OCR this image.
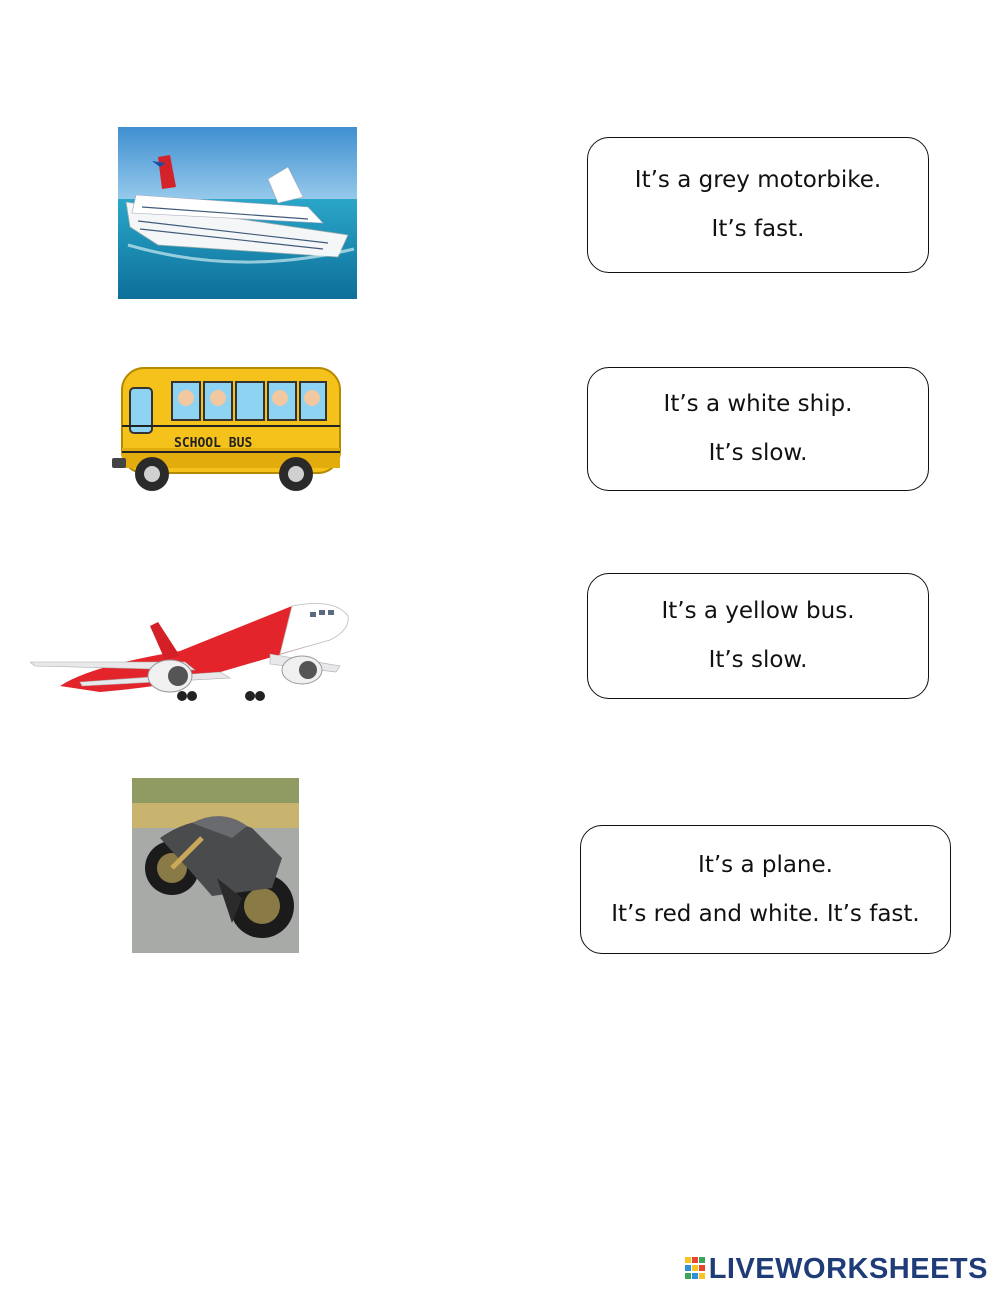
SCHOOL BUS
It’s a grey motorbike.
It’s fast.
It’s a white ship.
It’s slow.
It’s a yellow bus.
It’s slow.
It’s a plane.
It’s red and white. It’s fast.
LIVEWORKSHEETS
